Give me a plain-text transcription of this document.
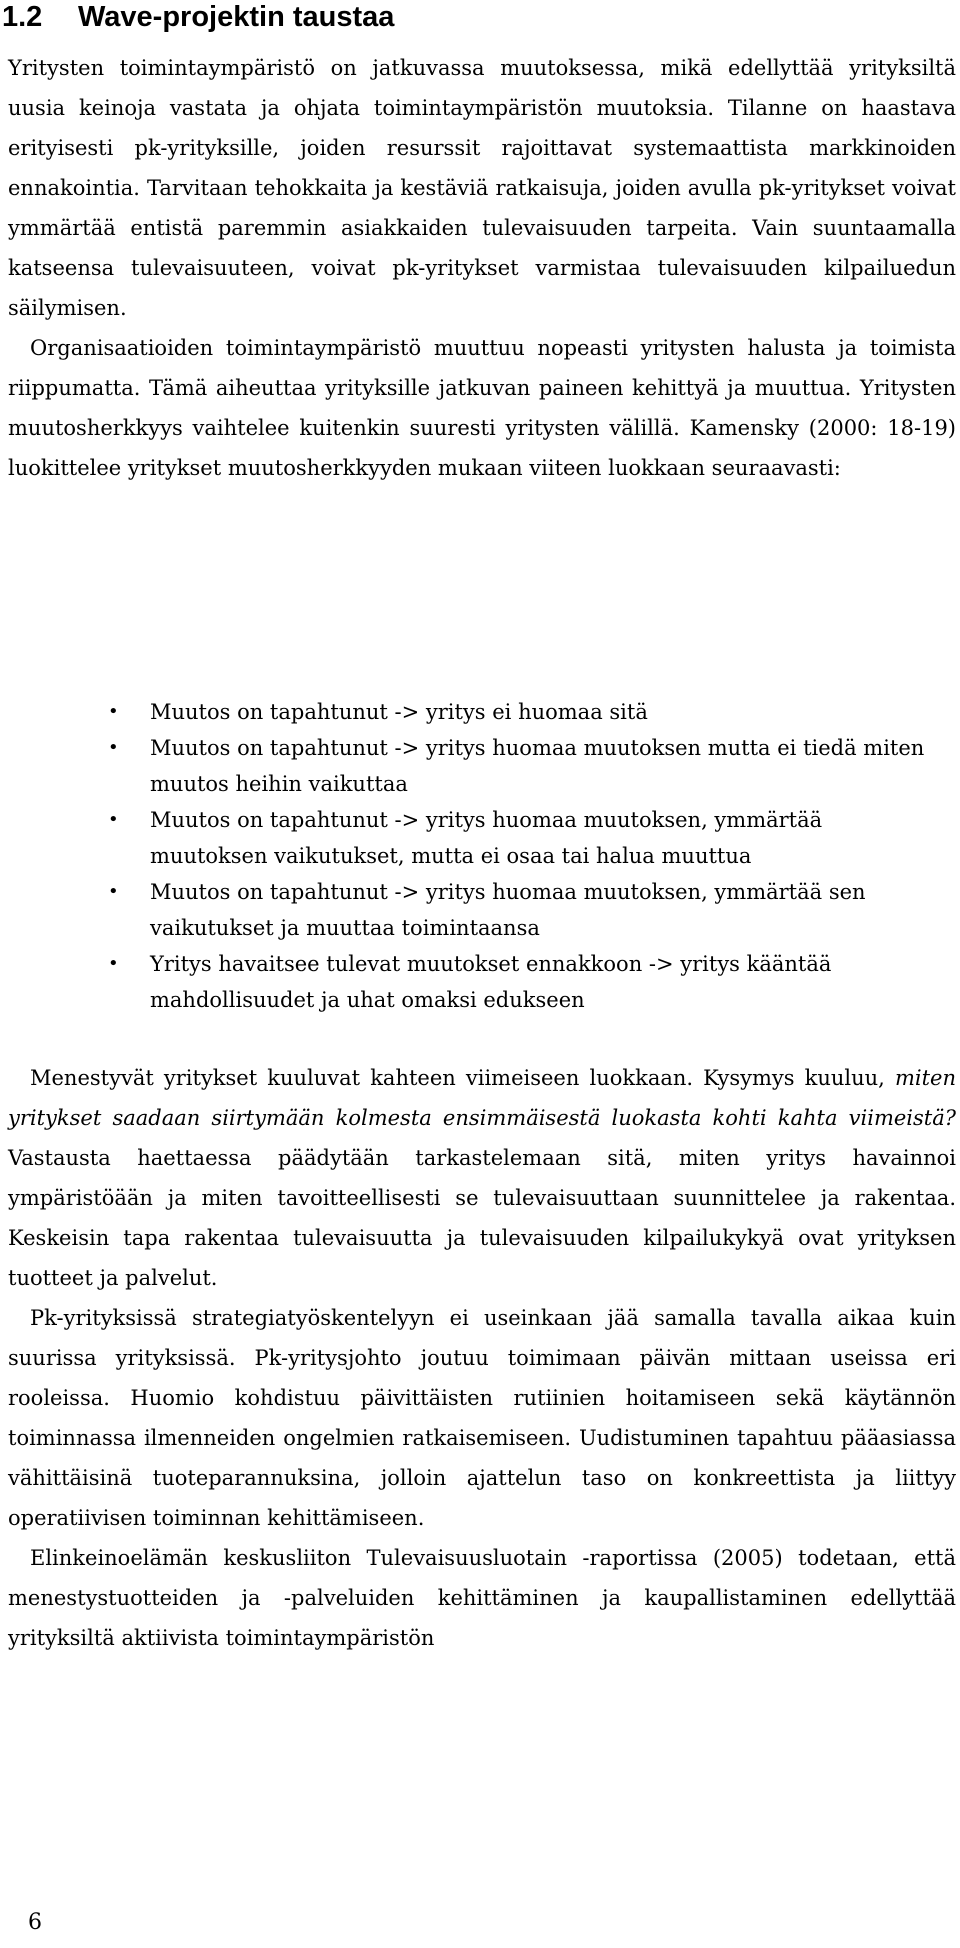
1.2 Wave-projektin taustaa

Yritysten toimintaympäristö on jatkuvassa muutoksessa, mikä edellyttää yrityksiltä uusia keinoja vastata ja ohjata toimintaympäristön muutoksia. Tilanne on haastava erityisesti pk-yrityksille, joiden resurssit rajoittavat systemaattista markkinoiden ennakointia. Tarvitaan tehokkaita ja kestäviä ratkaisuja, joiden avulla pk-yritykset voivat ymmärtää entistä paremmin asiakkaiden tulevaisuuden tarpeita. Vain suuntaamalla katseensa tulevaisuuteen, voivat pk-yritykset varmistaa tulevaisuuden kilpailuedun säilymisen.

Organisaatioiden toimintaympäristö muuttuu nopeasti yritysten halusta ja toimista riippumatta. Tämä aiheuttaa yrityksille jatkuvan paineen kehittyä ja muuttua. Yritysten muutosherkkyys vaihtelee kuitenkin suuresti yritysten välillä. Kamensky (2000: 18-19) luokittelee yritykset muutosherkkyyden mukaan viiteen luokkaan seuraavasti:

• Muutos on tapahtunut -> yritys ei huomaa sitä
• Muutos on tapahtunut -> yritys huomaa muutoksen mutta ei tiedä miten muutos heihin vaikuttaa
• Muutos on tapahtunut -> yritys huomaa muutoksen, ymmärtää muutoksen vaikutukset, mutta ei osaa tai halua muuttua
• Muutos on tapahtunut -> yritys huomaa muutoksen, ymmärtää sen vaikutukset ja muuttaa toimintaansa
• Yritys havaitsee tulevat muutokset ennakkoon -> yritys kääntää mahdollisuudet ja uhat omaksi edukseen

Menestyvät yritykset kuuluvat kahteen viimeiseen luokkaan. Kysymys kuuluu, miten yritykset saadaan siirtymään kolmesta ensimmäisestä luokasta kohti kahta viimeistä? Vastausta haettaessa päädytään tarkastelemaan sitä, miten yritys havainnoi ympäristöään ja miten tavoitteellisesti se tulevaisuuttaan suunnittelee ja rakentaa. Keskeisin tapa rakentaa tulevaisuutta ja tulevaisuuden kilpailukykyä ovat yrityksen tuotteet ja palvelut.

Pk-yrityksissä strategiatyöskentelyyn ei useinkaan jää samalla tavalla aikaa kuin suurissa yrityksissä. Pk-yritysjohto joutuu toimimaan päivän mittaan useissa eri rooleissa. Huomio kohdistuu päivittäisten rutiinien hoitamiseen sekä käytännön toiminnassa ilmenneiden ongelmien ratkaisemiseen. Uudistuminen tapahtuu pääasiassa vähittäisinä tuoteparannuksina, jolloin ajattelun taso on konkreettista ja liittyy operatiivisen toiminnan kehittämiseen.

Elinkeinoelämän keskusliiton Tulevaisuusluotain -raportissa (2005) todetaan, että menestystuotteiden ja -palveluiden kehittäminen ja kaupallistaminen edellyttää yrityksiltä aktiivista toimintaympäristön

6
